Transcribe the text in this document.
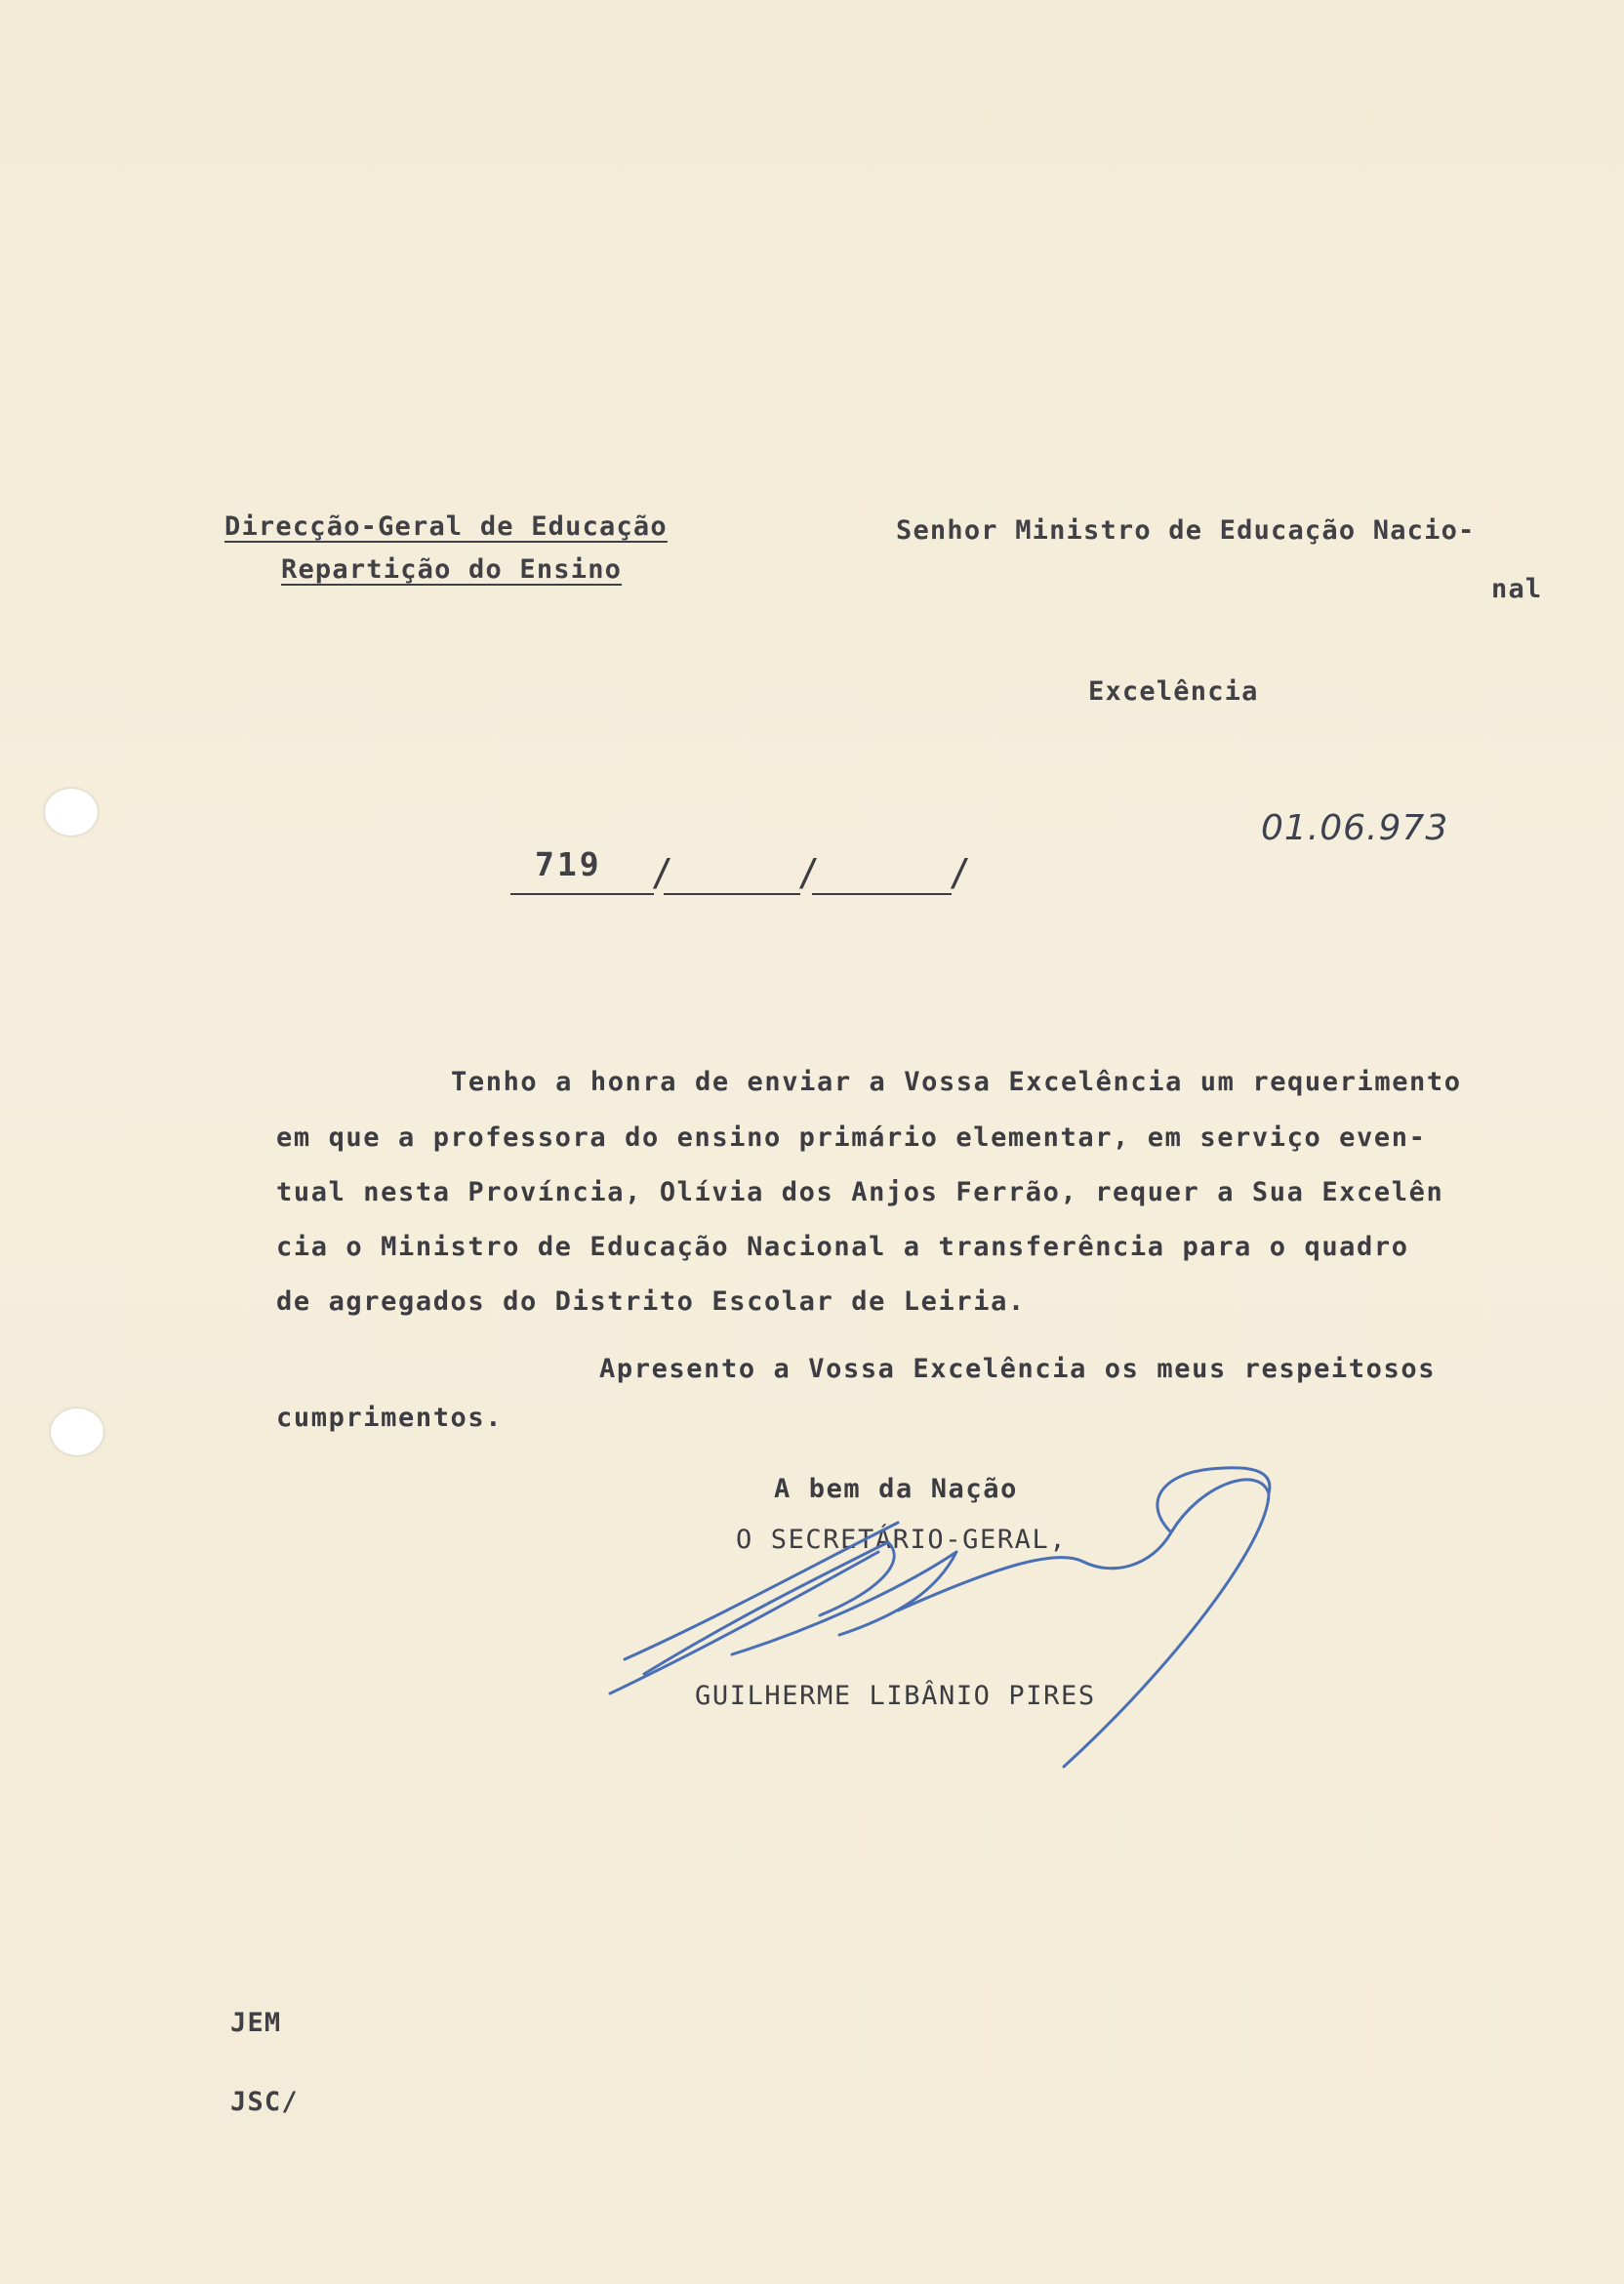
Direcção-Geral de Educação
Repartição do Ensino
Senhor Ministro de Educação Nacio-
nal
Excelência
719 /	/	/
01.06.973
Tenho a honra de enviar a Vossa Excelência um requerimento
em que a professora do ensino primário elementar, em serviço even-
tual nesta Província, Olívia dos Anjos Ferrão, requer a Sua Excelên
cia o Ministro de Educação Nacional a transferência para o quadro
de agregados do Distrito Escolar de Leiria.
Apresento a Vossa Excelência os meus respeitosos
cumprimentos.
A bem da Nação
O SECRETÁRIO-GERAL,
GUILHERME LIBÂNIO PIRES
JEM
JSC/
